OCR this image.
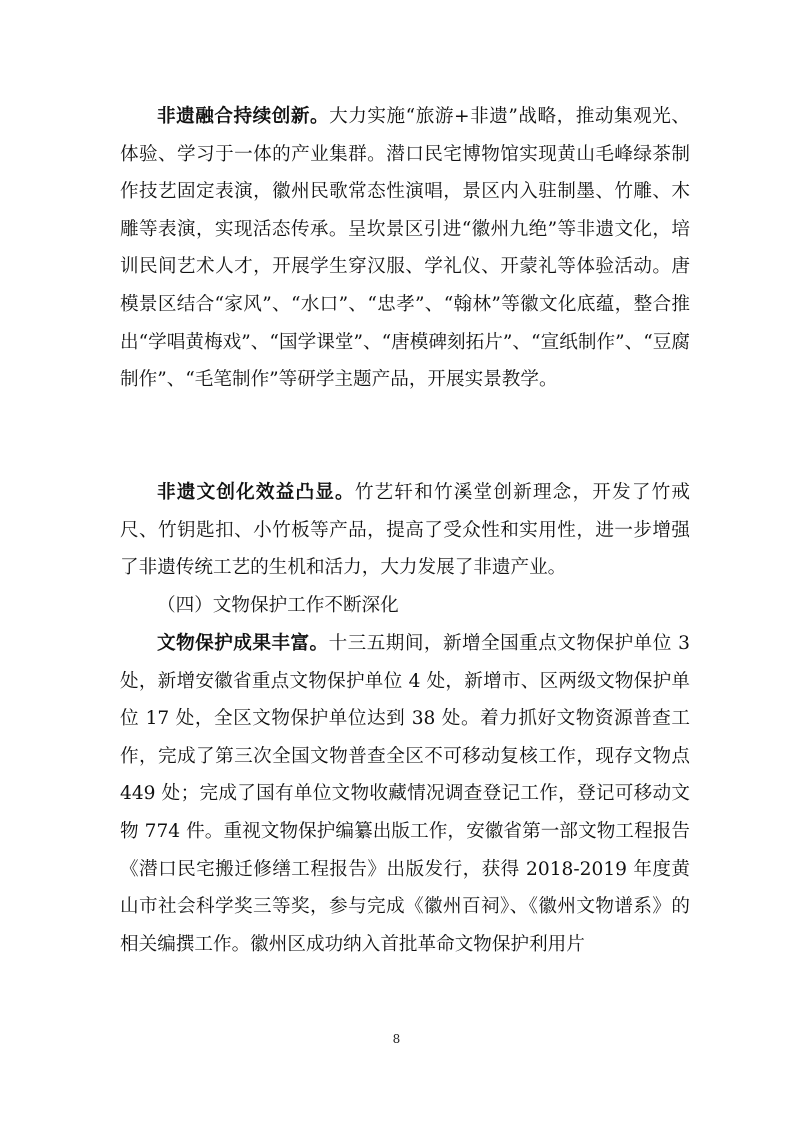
非遗融合持续创新。大力实施“旅游+非遗”战略，推动集观光、体验、学习于一体的产业集群。潜口民宅博物馆实现黄山毛峰绿茶制作技艺固定表演，徽州民歌常态性演唱，景区内入驻制墨、竹雕、木雕等表演，实现活态传承。呈坎景区引进“徽州九绝”等非遗文化，培训民间艺术人才，开展学生穿汉服、学礼仪、开蒙礼等体验活动。唐模景区结合“家风”、“水口”、“忠孝”、“翰林”等徽文化底蕴，整合推出“学唱黄梅戏”、“国学课堂”、“唐模碑刻拓片”、“宣纸制作”、“豆腐制作”、“毛笔制作”等研学主题产品，开展实景教学。

非遗文创化效益凸显。竹艺轩和竹溪堂创新理念，开发了竹戒尺、竹钥匙扣、小竹板等产品，提高了受众性和实用性，进一步增强了非遗传统工艺的生机和活力，大力发展了非遗产业。

（四）文物保护工作不断深化

文物保护成果丰富。十三五期间，新增全国重点文物保护单位 3 处，新增安徽省重点文物保护单位 4 处，新增市、区两级文物保护单位 17 处，全区文物保护单位达到 38 处。着力抓好文物资源普查工作，完成了第三次全国文物普查全区不可移动复核工作，现存文物点 449 处；完成了国有单位文物收藏情况调查登记工作，登记可移动文物 774 件。重视文物保护编纂出版工作，安徽省第一部文物工程报告《潜口民宅搬迁修缮工程报告》出版发行，获得 2018-2019 年度黄山市社会科学奖三等奖，参与完成《徽州百祠》、《徽州文物谱系》的相关编撰工作。徽州区成功纳入首批革命文物保护利用片

8
